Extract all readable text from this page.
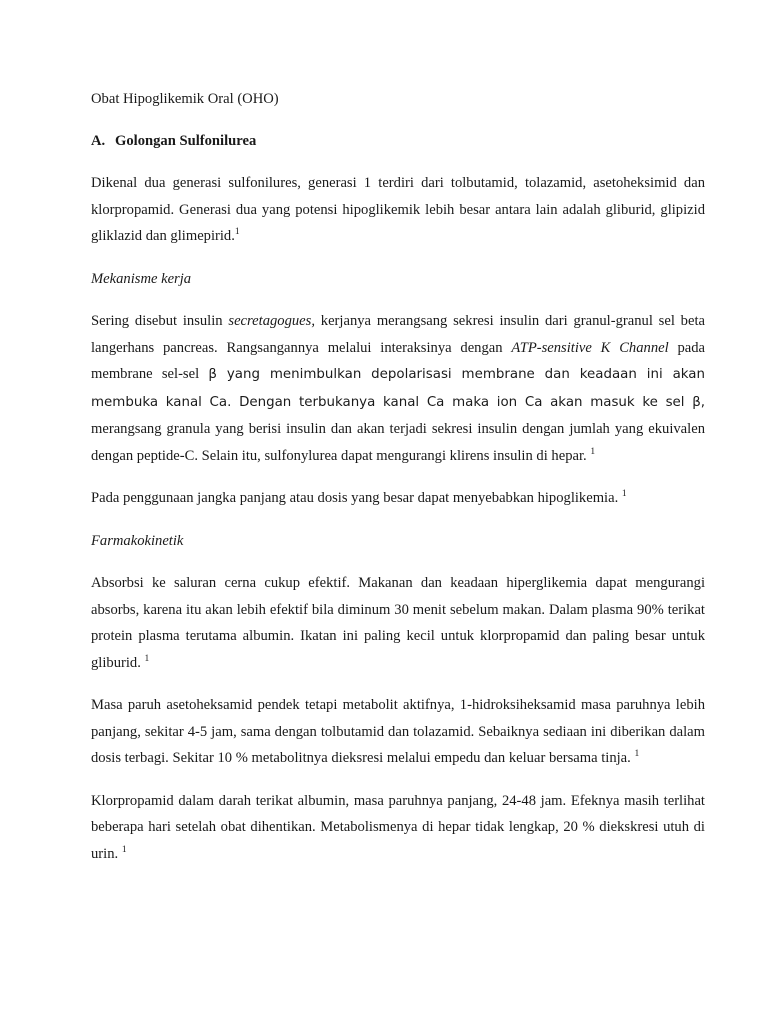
Obat Hipoglikemik Oral (OHO)
A. Golongan Sulfonilurea

Dikenal dua generasi sulfonilures, generasi 1 terdiri dari tolbutamid, tolazamid, asetoheksimid dan klorpropamid. Generasi dua yang potensi hipoglikemik lebih besar antara lain adalah gliburid, glipizid gliklazid dan glimepirid.$^1$

Mekanisme kerja

Sering disebut insulin secretagogues, kerjanya merangsang sekresi insulin dari granul-granul sel beta langerhans pancreas. Rangsangannya melalui interaksinya dengan ATP-sensitive K Channel pada membrane sel-sel β yang menimbulkan depolarisasi membrane dan keadaan ini akan membuka kanal Ca. Dengan terbukanya kanal Ca maka ion Ca akan masuk ke sel β, merangsang granula yang berisi insulin dan akan terjadi sekresi insulin dengan jumlah yang ekuivalen dengan peptide-C. Selain itu, sulfonylurea dapat mengurangi klirens insulin di hepar. $^1$

Pada penggunaan jangka panjang atau dosis yang besar dapat menyebabkan hipoglikemia. $^1$

Farmakokinetik

Absorbsi ke saluran cerna cukup efektif. Makanan dan keadaan hiperglikemia dapat mengurangi absorbs, karena itu akan lebih efektif bila diminum 30 menit sebelum makan. Dalam plasma 90% terikat protein plasma terutama albumin. Ikatan ini paling kecil untuk klorpropamid dan paling besar untuk gliburid. $^1$

Masa paruh asetoheksamid pendek tetapi metabolit aktifnya, 1-hidroksiheksamid masa paruhnya lebih panjang, sekitar 4-5 jam, sama dengan tolbutamid dan tolazamid. Sebaiknya sediaan ini diberikan dalam dosis terbagi. Sekitar 10 % metabolitnya dieksresi melalui empedu dan keluar bersama tinja. $^1$

Klorpropamid dalam darah terikat albumin, masa paruhnya panjang, 24-48 jam. Efeknya masih terlihat beberapa hari setelah obat dihentikan. Metabolismenya di hepar tidak lengkap, 20 % diekskresi utuh di urin. $^1$
